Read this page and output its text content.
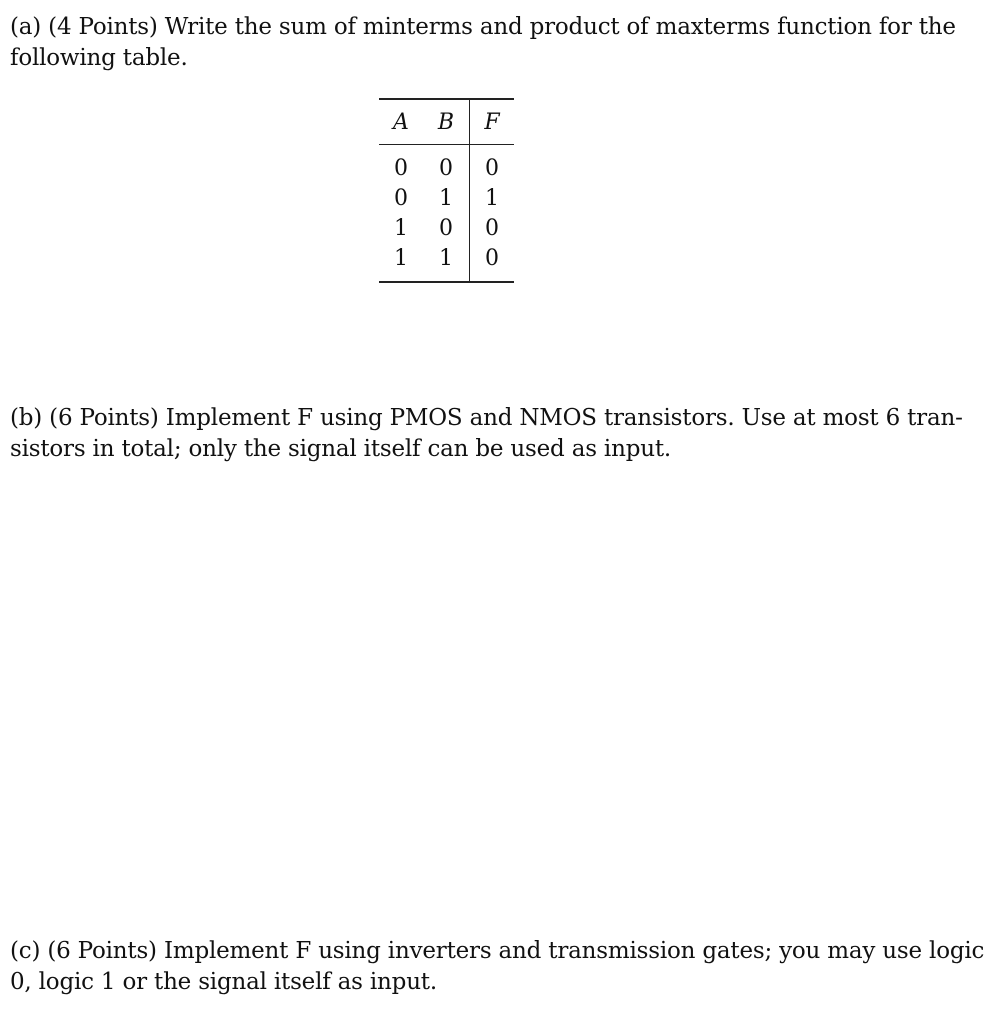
(a) (4 Points) Write the sum of minterms and product of maxterms function for the
following table.
A	B	F
0	0	0
0	1	1
1	0	0
1	1	0
(b) (6 Points) Implement F using PMOS and NMOS transistors. Use at most 6 tran-
sistors in total; only the signal itself can be used as input.
(c) (6 Points) Implement F using inverters and transmission gates; you may use logic
0, logic 1 or the signal itself as input.
